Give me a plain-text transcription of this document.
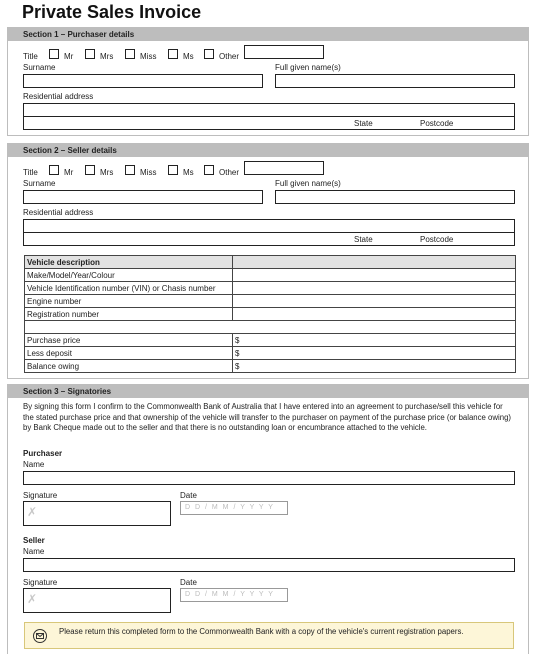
Private Sales Invoice
Section 1 – Purchaser details
Title	Mr	Mrs	Miss	Ms	Other
Surname	Full given name(s)
Residential address
State	Postcode
Section 2 – Seller details
Title	Mr	Mrs	Miss	Ms	Other
Surname	Full given name(s)
Residential address
State	Postcode
Vehicle description	
Make/Model/Year/Colour	
Vehicle Identification number (VIN) or Chasis number	
Engine number	
Registration number	

Purchase price	$
Less deposit	$
Balance owing	$
Section 3 – Signatories
By signing this form I confirm to the Commonwealth Bank of Australia that I have entered into an agreement to purchase/sell this vehicle for the stated purchase price and that ownership of the vehicle will transfer to the purchaser on payment of the purchase price (or balance owing) by Bank Cheque made out to the seller and that there is no outstanding loan or encumbrance attached to the vehicle.
Purchaser
Name
Signature
✗
Date
D D / M M / Y Y Y Y
Seller
Name
Signature
✗
Date
D D / M M / Y Y Y Y
Please return this completed form to the Commonwealth Bank with a copy of the vehicle's current registration papers.
